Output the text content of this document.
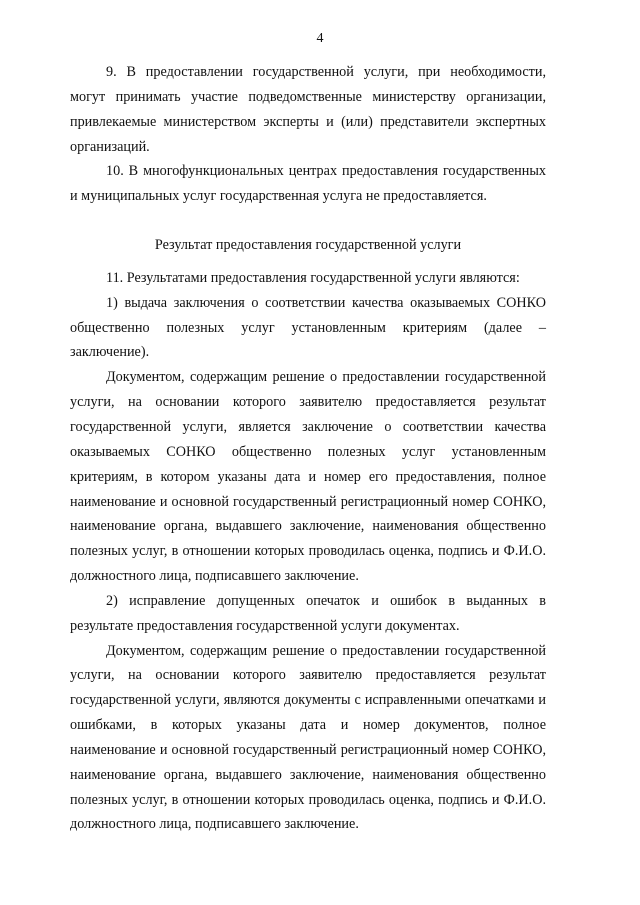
4

9. В предоставлении государственной услуги, при необходимости, могут принимать участие подведомственные министерству организации, привлекаемые министерством эксперты и (или) представители экспертных организаций.

10. В многофункциональных центрах предоставления государственных и муниципальных услуг государственная услуга не предоставляется.

Результат предоставления государственной услуги

11. Результатами предоставления государственной услуги являются:

1) выдача заключения о соответствии качества оказываемых СОНКО общественно полезных услуг установленным критериям (далее – заключение).

Документом, содержащим решение о предоставлении государственной услуги, на основании которого заявителю предоставляется результат государственной услуги, является заключение о соответствии качества оказываемых СОНКО общественно полезных услуг установленным критериям, в котором указаны дата и номер его предоставления, полное наименование и основной государственный регистрационный номер СОНКО, наименование органа, выдавшего заключение, наименования общественно полезных услуг, в отношении которых проводилась оценка, подпись и Ф.И.О. должностного лица, подписавшего заключение.

2) исправление допущенных опечаток и ошибок в выданных в результате предоставления государственной услуги документах.

Документом, содержащим решение о предоставлении государственной услуги, на основании которого заявителю предоставляется результат государственной услуги, являются документы с исправленными опечатками и ошибками, в которых указаны дата и номер документов, полное наименование и основной государственный регистрационный номер СОНКО, наименование органа, выдавшего заключение, наименования общественно полезных услуг, в отношении которых проводилась оценка, подпись и Ф.И.О. должностного лица, подписавшего заключение.
